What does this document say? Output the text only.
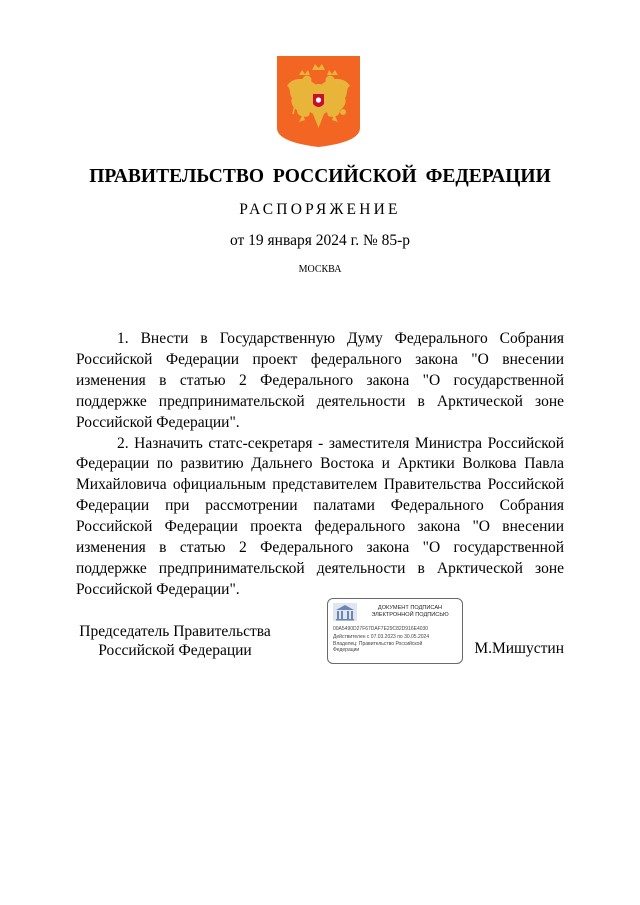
ПРАВИТЕЛЬСТВО РОССИЙСКОЙ ФЕДЕРАЦИИ
РАСПОРЯЖЕНИЕ
от 19 января 2024 г. № 85-р
МОСКВА

1. Внести в Государственную Думу Федерального Собрания Российской Федерации проект федерального закона "О внесении изменения в статью 2 Федерального закона "О государственной поддержке предпринимательской деятельности в Арктической зоне Российской Федерации".

2. Назначить статс-секретаря - заместителя Министра Российской Федерации по развитию Дальнего Востока и Арктики Волкова Павла Михайловича официальным представителем Правительства Российской Федерации при рассмотрении палатами Федерального Собрания Российской Федерации проекта федерального закона "О внесении изменения в статью 2 Федерального закона "О государственной поддержке предпринимательской деятельности в Арктической зоне Российской Федерации".

Председатель Правительства
Российской Федерации
ДОКУМЕНТ ПОДПИСАН
ЭЛЕКТРОННОЙ ПОДПИСЬЮ
00A5490D27F67DAF7E29C82D916E4030
Действителен с 07.03.2023 по 30.05.2024
Владелец: Правительство Российской
Федерации	М.Мишустин
